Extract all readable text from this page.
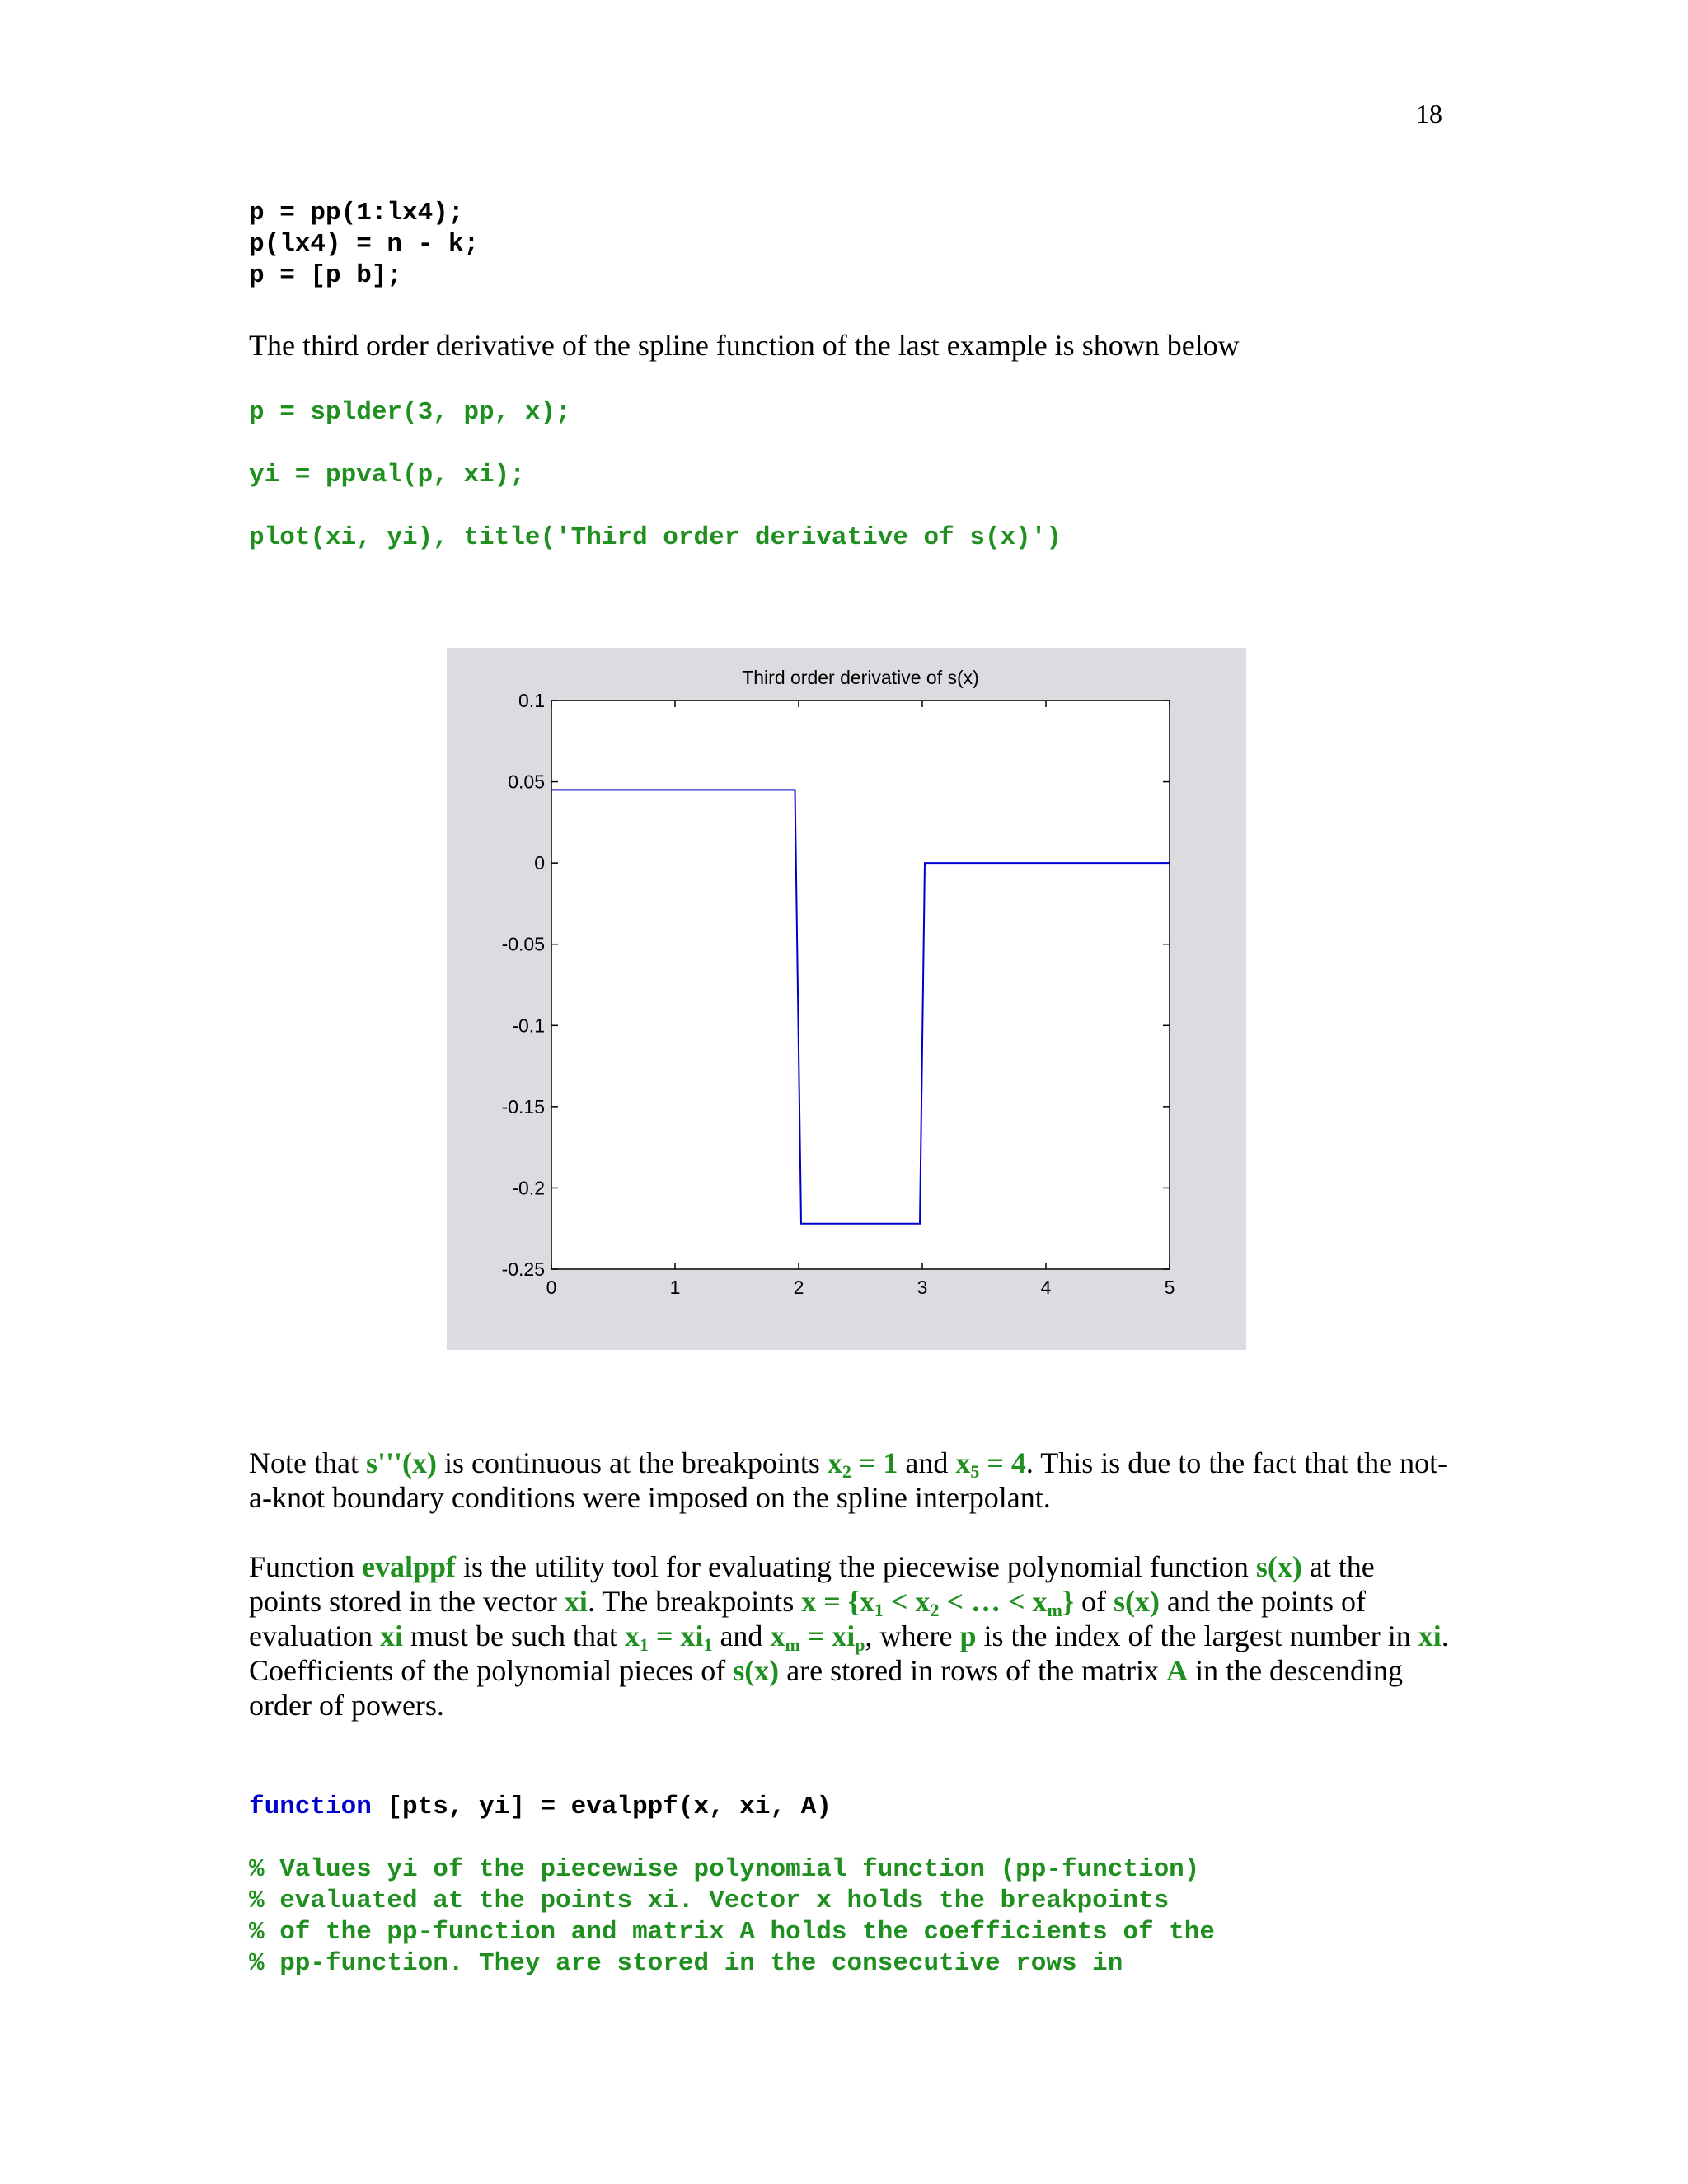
18
p = pp(1:lx4);
p(lx4) = n - k;
p = [p b];

The third order derivative of the spline function of the last example is shown below

p = splder(3, pp, x);
yi = ppval(p, xi);
plot(xi, yi), title('Third order derivative of s(x)')
0	1	2	3	4	5
0.1
0.05
0
-0.05
-0.1
-0.15
-0.2
-0.25
Third order derivative of s(x)

Note that s'''(x) is continuous at the breakpoints $x_2 = 1$ and $x_5 = 4$. This is due to the fact that the not-a-knot boundary conditions were imposed on the spline interpolant.

Function evalppf is the utility tool for evaluating the piecewise polynomial function s(x) at the points stored in the vector xi. The breakpoints $x = \{x_1 < x_2$ < … < $x_m$} of s(x) and the points of evaluation xi must be such that $x_1 = xi_1$ and $x_m = xi_p$, where p is the index of the largest number in xi. Coefficients of the polynomial pieces of s(x) are stored in rows of the matrix A in the descending order of powers.

function [pts, yi] = evalppf(x, xi, A)
% Values yi of the piecewise polynomial function (pp-function)
% evaluated at the points xi. Vector x holds the breakpoints
% of the pp-function and matrix A holds the coefficients of the
% pp-function. They are stored in the consecutive rows in
